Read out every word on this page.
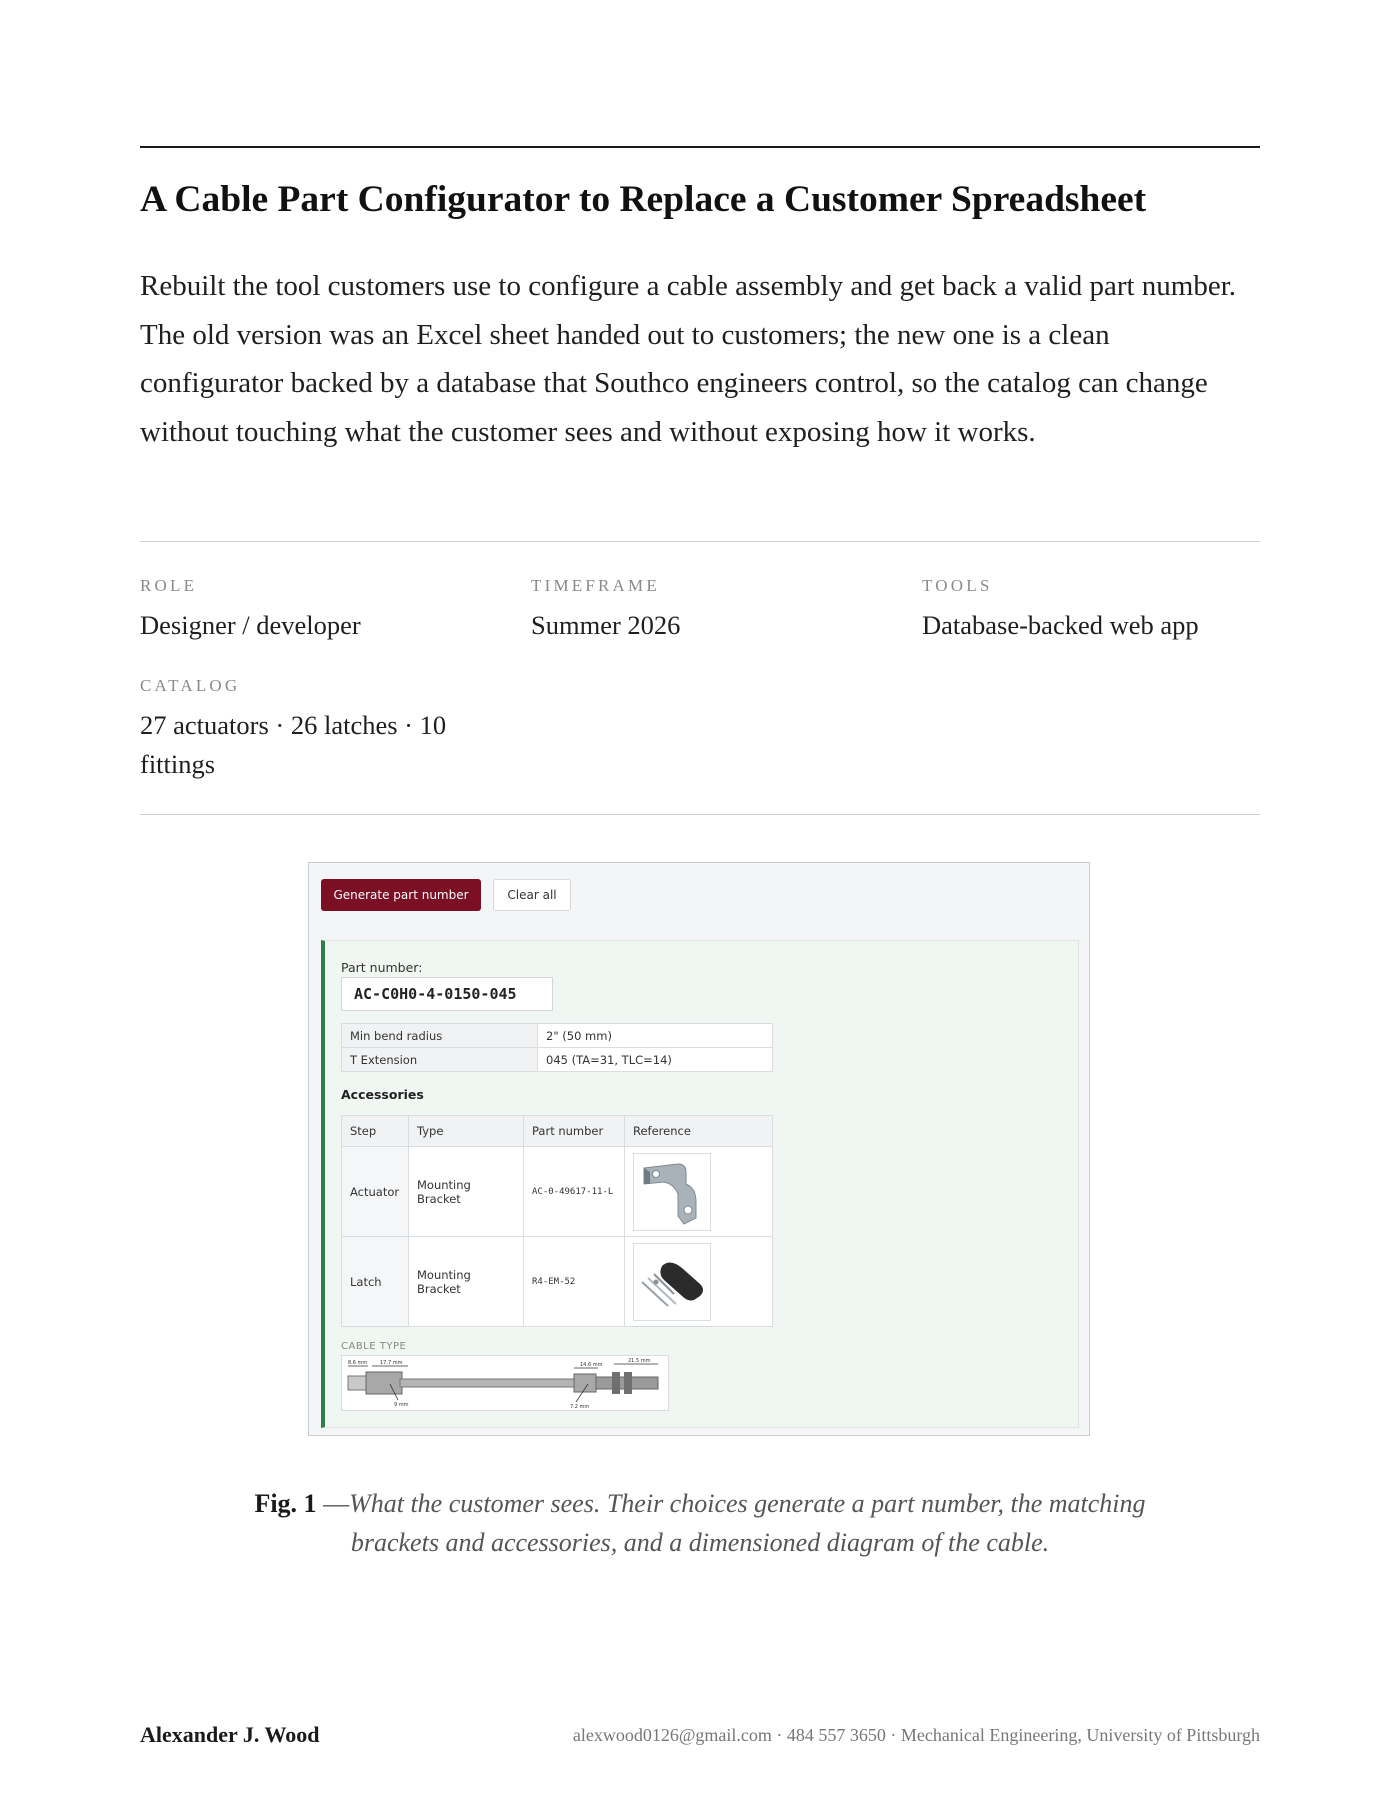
A Cable Part Configurator to Replace a Customer Spreadsheet

Rebuilt the tool customers use to configure a cable assembly and get back a valid part number. The old version was an Excel sheet handed out to customers; the new one is a clean configurator backed by a database that Southco engineers control, so the catalog can change without touching what the customer sees and without exposing how it works.

ROLE
Designer / developer
TIMEFRAME
Summer 2026
TOOLS
Database-backed web app
CATALOG
27 actuators · 26 latches · 10 fittings
Generate part number	Clear all
Part number:
AC-C0H0-4-0150-045
Min bend radius	2" (50 mm)
T Extension	045 (TA=31, TLC=14)
Accessories
Step	Type	Part number	Reference
Actuator	Mounting Bracket	AC-0-49617-11-L	

Latch	Mounting Bracket	R4-EM-52	
CABLE TYPE
8.6 mm	17.7 mm
9 mm
14.6 mm
21.5 mm
7.2 mm

Fig. 1 —What the customer sees. Their choices generate a part number, the matching brackets and accessories, and a dimensioned diagram of the cable.

Alexander J. Wood	alexwood0126@gmail.com · 484 557 3650 · Mechanical Engineering, University of Pittsburgh
